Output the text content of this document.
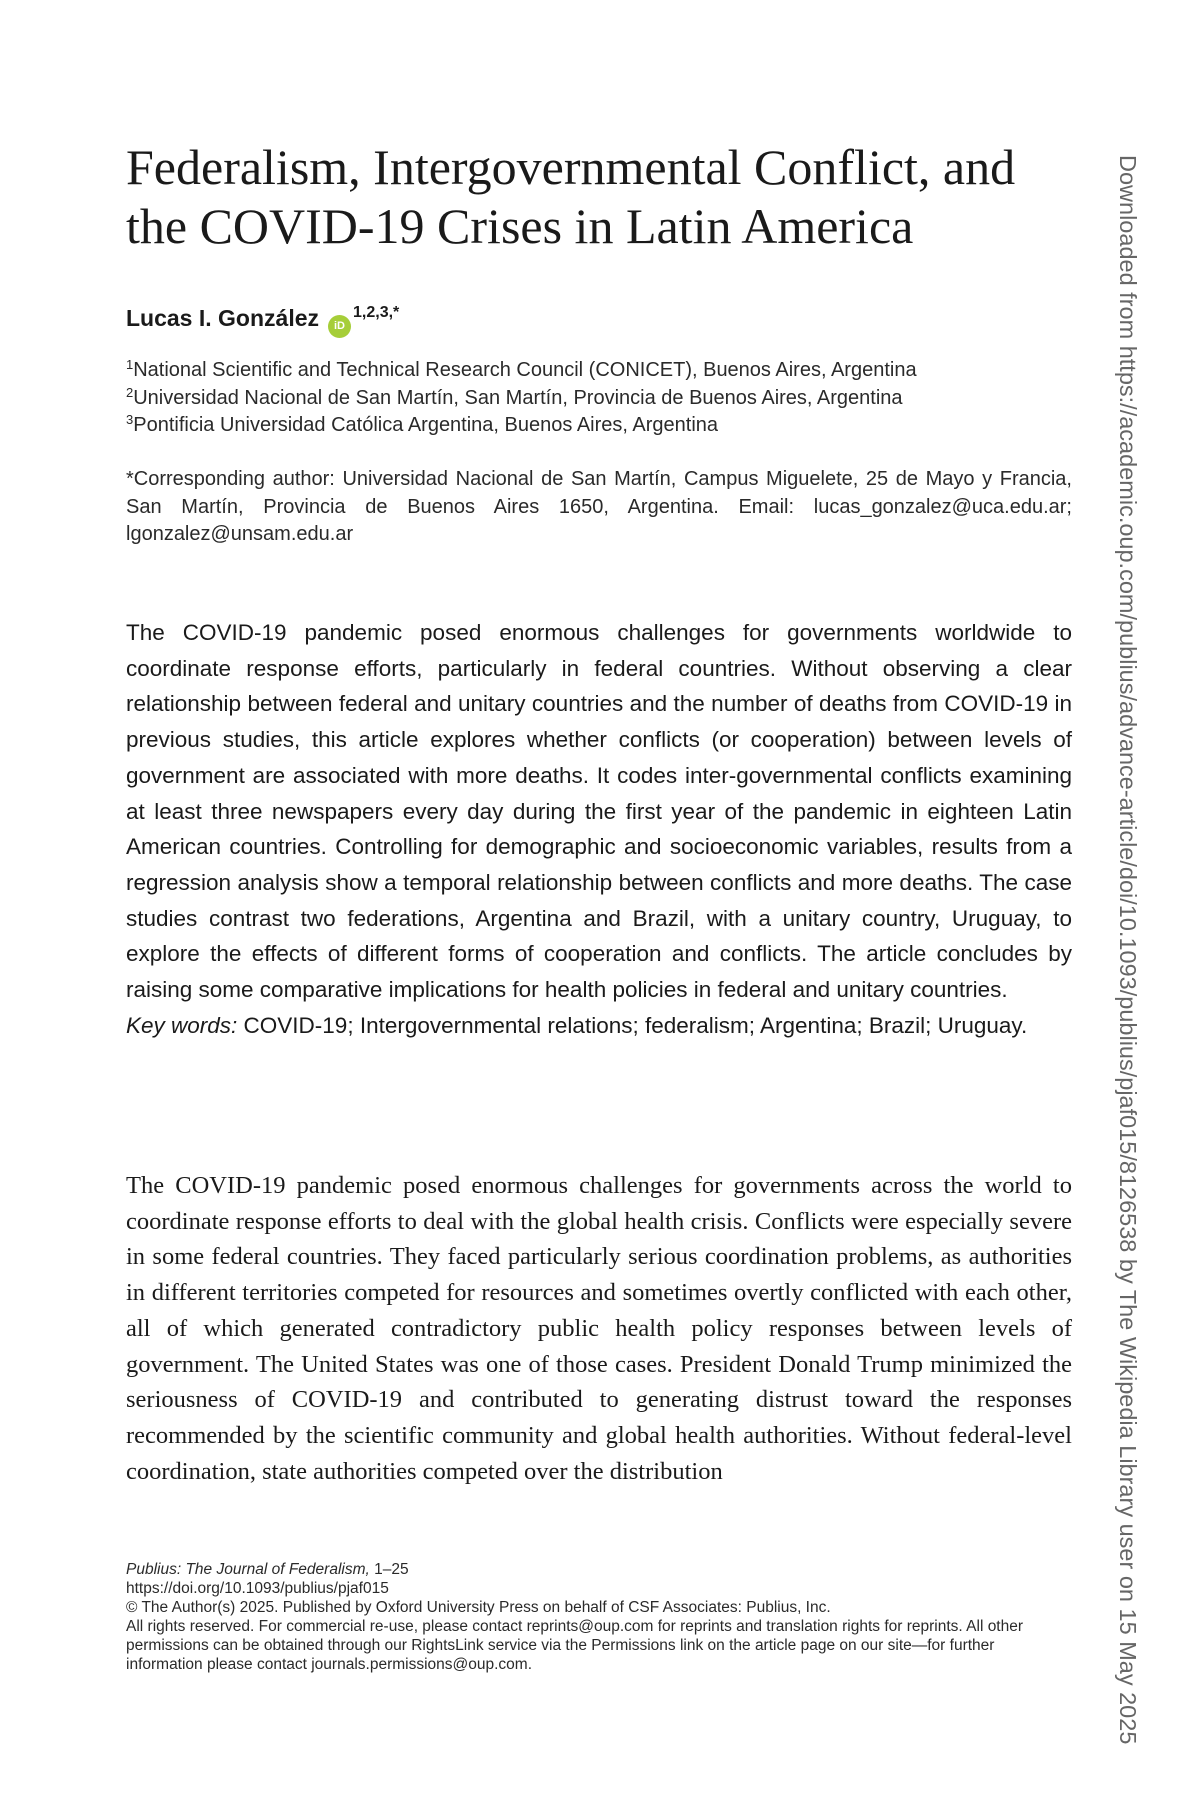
Federalism, Intergovernmental Conflict, and the COVID-19 Crises in Latin America
Lucas I. González $iD^{1,2,3,*}$
$^1$National Scientific and Technical Research Council (CONICET), Buenos Aires, Argentina
$^2$Universidad Nacional de San Martín, San Martín, Provincia de Buenos Aires, Argentina
$^3$Pontificia Universidad Católica Argentina, Buenos Aires, Argentina
*Corresponding author: Universidad Nacional de San Martín, Campus Miguelete, 25 de Mayo y Francia, San Martín, Provincia de Buenos Aires 1650, Argentina. Email: lucas_gonzalez@uca.edu.ar; lgonzalez@unsam.edu.ar

The COVID-19 pandemic posed enormous challenges for governments worldwide to coordinate response efforts, particularly in federal countries. Without observing a clear relationship between federal and unitary countries and the number of deaths from COVID-19 in previous studies, this article explores whether conflicts (or cooperation) between levels of government are associated with more deaths. It codes inter-governmental conflicts examining at least three newspapers every day during the first year of the pandemic in eighteen Latin American countries. Controlling for demographic and socioeconomic variables, results from a regression analysis show a temporal relationship between conflicts and more deaths. The case studies contrast two federations, Argentina and Brazil, with a unitary country, Uruguay, to explore the effects of different forms of cooperation and conflicts. The article concludes by raising some comparative implications for health policies in federal and unitary countries.

Key words: COVID-19; Intergovernmental relations; federalism; Argentina; Brazil; Uruguay.

The COVID-19 pandemic posed enormous challenges for governments across the world to coordinate response efforts to deal with the global health crisis. Conflicts were especially severe in some federal countries. They faced particularly serious coordination problems, as authorities in different territories competed for resources and sometimes overtly conflicted with each other, all of which generated contradictory public health policy responses between levels of government. The United States was one of those cases. President Donald Trump minimized the seriousness of COVID-19 and contributed to generating distrust toward the responses recommended by the scientific community and global health authorities. Without federal-level coordination, state authorities competed over the distribution

Publius: The Journal of Federalism, 1–25
https://doi.org/10.1093/publius/pjaf015
© The Author(s) 2025. Published by Oxford University Press on behalf of CSF Associates: Publius, Inc.
All rights reserved. For commercial re-use, please contact reprints@oup.com for reprints and translation rights for reprints. All other permissions can be obtained through our RightsLink service via the Permissions link on the article page on our site—for further information please contact journals.permissions@oup.com.	Downloaded from https://academic.oup.com/publius/advance-article/doi/10.1093/publius/pjaf015/8126538 by The Wikipedia Library user on 15 May 2025
